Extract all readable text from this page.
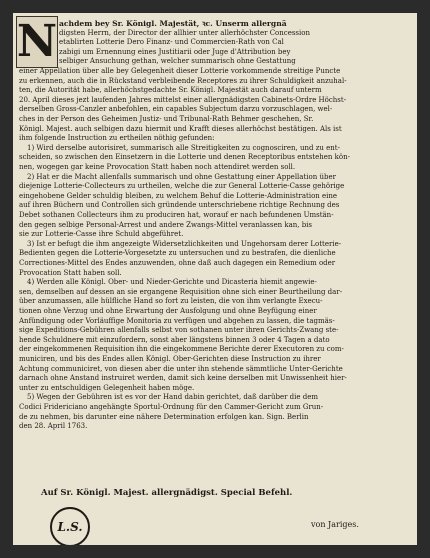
N achdem bey Sr. Königl. Majestät, ꝛc. Unserm allergnä
digsten Herrn, der Director der allhier unter allerhöchster Concession
etablirten Lotterie Dero Finanz- und Commercien-Rath von Cal
zabigi um Ernennung eines Justitiarii oder Juge d'Attribution bey
selbiger Ansuchung gethan, welcher summarisch ohne Gestattung
einer Appellation über alle bey Gelegenheit dieser Lotterie vorkommende streitige Puncte
zu erkennen, auch die in Rückstand verbleibende Receptores zu ihrer Schuldigkeit anzuhal-
ten, die Autorität habe, allerhöchstgedachte Sr. Königl. Majestät auch darauf unterm
20. April dieses jezt laufenden Jahres mittelst einer allergnädigsten Cabinets-Ordre Höchst-
derselben Gross-Canzler anbefohlen, ein capables Subjectum darzu vorzuschlagen, wel-
ches in der Person des Geheimen Justiz- und Tribunal-Rath Behmer geschehen, Sr.
Königl. Majest. auch selbigen dazu hiermit und Krafft dieses allerhöchst bestätigen. Als ist
ihm folgende Instruction zu ertheilen nöthig gefunden:
1) Wird derselbe autorisiret, summarisch alle Streitigkeiten zu cognosciren, und zu ent-
scheiden, so zwischen den Einsetzern in die Lotterie und denen Receptoribus entstehen kön-
nen, wogegen gar keine Provocation Statt haben noch attendiret werden soll.
2) Hat er die Macht allenfalls summarisch und ohne Gestattung einer Appellation über
diejenige Lotterie-Collecteurs zu urtheilen, welche die zur General Lotterie-Casse gehörige
eingehobene Gelder schuldig bleiben, zu welchem Behuf die Lotterie-Administration eine
auf ihren Büchern und Controllen sich gründende unterschriebene richtige Rechnung des
Debet sothanen Collecteurs ihm zu produciren hat, worauf er nach befundenen Umstän-
den gegen selbige Personal-Arrest und andere Zwangs-Mittel veranlassen kan, bis
sie zur Lotterie-Casse ihre Schuld abgeführet.
3) Ist er befugt die ihm angezeigte Widersetzlichkeiten und Ungehorsam derer Lotterie-
Bedienten gegen die Lotterie-Vorgesetzte zu untersuchen und zu bestrafen, die dienliche
Correctiones-Mittel des Endes anzuwenden, ohne daß auch dagegen ein Remedium oder
Provocation Statt haben soll.
4) Werden alle Königl. Ober- und Nieder-Gerichte und Dicasteria hiemit angewie-
sen, demselben auf dessen an sie ergangene Requisition ohne sich einer Beurtheilung dar-
über anzumassen, alle hülfliche Hand so fort zu leisten, die von ihm verlangte Execu-
tionen ohne Verzug und ohne Erwartung der Ausfolgung und ohne Beyfügung einer
Anfündigung oder Vorläuffige Monitoria zu verfügen und abgehen zu lassen, die tagmäs-
sige Expeditions-Gebühren allenfalls selbst von sothanen unter ihren Gerichts-Zwang ste-
hende Schuldnere mit einzufordern, sonst aber längstens binnen 3 oder 4 Tagen a dato
der eingekommenen Requisition ihn die eingekommene Berichte derer Executoren zu com-
municiren, und bis des Endes allen Königl. Ober-Gerichten diese Instruction zu ihrer
Achtung communiciret, von diesen aber die unter ihn stehende sämmtliche Unter-Gerichte
darnach ohne Anstand instruiret werden, damit sich keine derselben mit Unwissenheit hier-
unter zu entschuldigen Gelegenheit haben möge.
5) Wegen der Gebühren ist es vor der Hand dabin gerichtet, daß darüber die dem
Codici Fridericiano angehängte Sportul-Ordnung für den Cammer-Gericht zum Grun-
de zu nehmen, bis darunter eine nähere Determination erfolgen kan. Sign. Berlin
den 28. April 1763.
Auf Sr. Königl. Majest. allergnädigst. Special Befehl.
L.S.	von Jariges.
